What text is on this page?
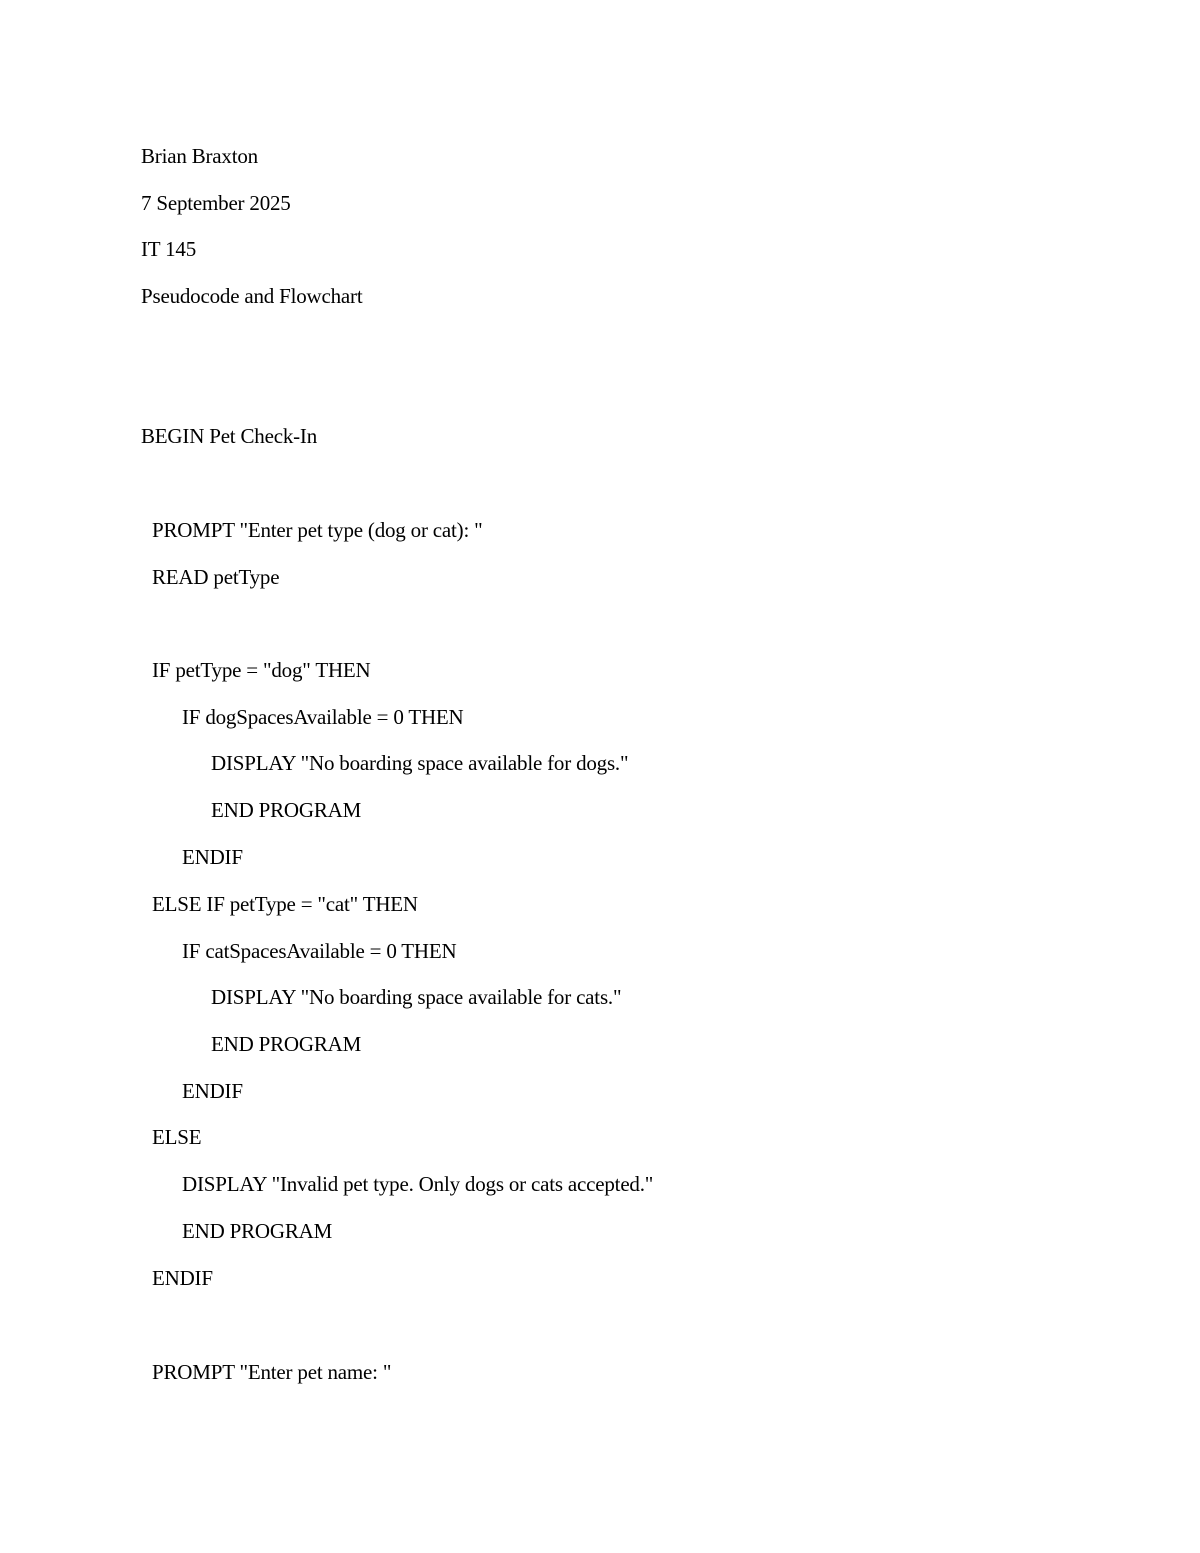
Brian Braxton
7 September 2025
IT 145
Pseudocode and Flowchart
BEGIN Pet Check-In
PROMPT "Enter pet type (dog or cat): "
READ petType
IF petType = "dog" THEN
IF dogSpacesAvailable = 0 THEN
DISPLAY "No boarding space available for dogs."
END PROGRAM
ENDIF
ELSE IF petType = "cat" THEN
IF catSpacesAvailable = 0 THEN
DISPLAY "No boarding space available for cats."
END PROGRAM
ENDIF
ELSE
DISPLAY "Invalid pet type. Only dogs or cats accepted."
END PROGRAM
ENDIF
PROMPT "Enter pet name: "
